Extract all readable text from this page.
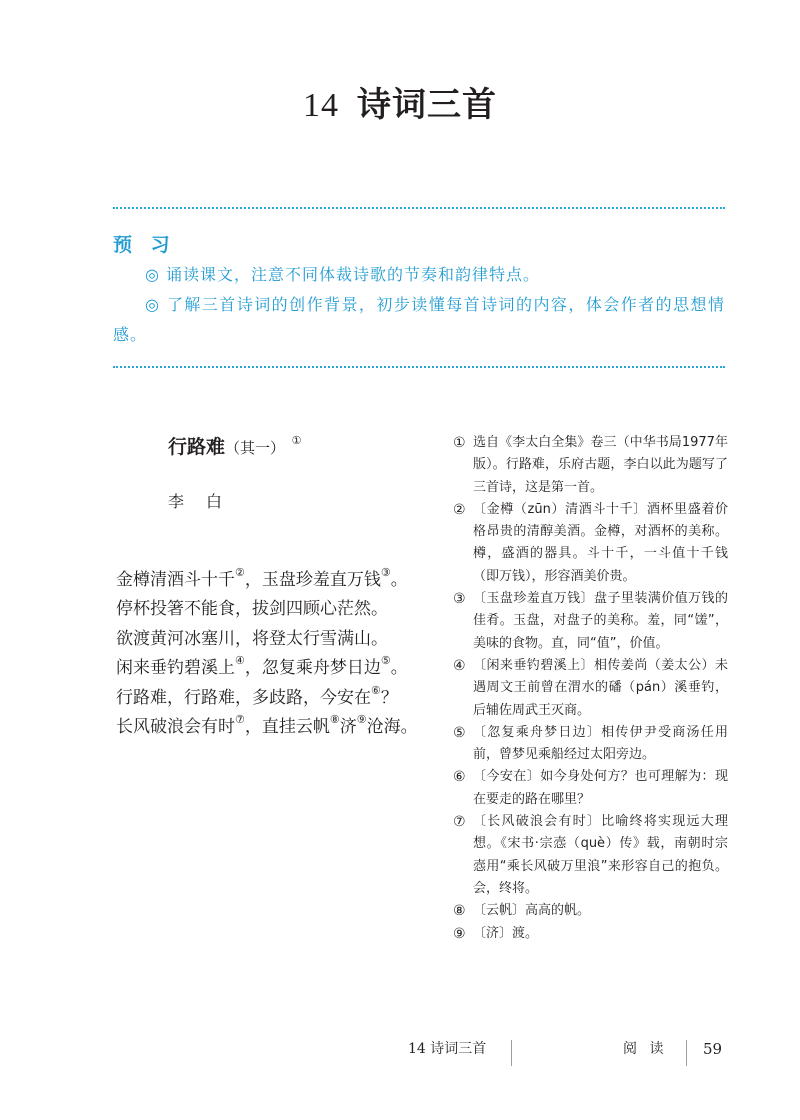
14 诗词三首
预 习

◎ 诵读课文，注意不同体裁诗歌的节奏和韵律特点。

◎ 了解三首诗词的创作背景，初步读懂每首诗词的内容，体会作者的思想情感。

行路难（其一） ①
李白
金樽清酒斗十千②，玉盘珍羞直万钱③。
停杯投箸不能食，拔剑四顾心茫然。
欲渡黄河冰塞川，将登太行雪满山。
闲来垂钓碧溪上④，忽复乘舟梦日边⑤。
行路难，行路难，多歧路，今安在⑥？
长风破浪会有时⑦，直挂云帆⑧济⑨沧海。
① 选自《李太白全集》卷三（中华书局1977年版）。行路难，乐府古题，李白以此为题写了三首诗，这是第一首。
② 〔金樽（zūn）清酒斗十千〕酒杯里盛着价格昂贵的清醇美酒。金樽，对酒杯的美称。樽，盛酒的器具。斗十千，一斗值十千钱（即万钱），形容酒美价贵。
③ 〔玉盘珍羞直万钱〕盘子里装满价值万钱的佳肴。玉盘，对盘子的美称。羞，同“馐”，美味的食物。直，同“值”，价值。
④ 〔闲来垂钓碧溪上〕相传姜尚（姜太公）未遇周文王前曾在渭水的磻（pán）溪垂钓，后辅佐周武王灭商。
⑤ 〔忽复乘舟梦日边〕相传伊尹受商汤任用前，曾梦见乘船经过太阳旁边。
⑥ 〔今安在〕如今身处何方？也可理解为：现在要走的路在哪里？
⑦ 〔长风破浪会有时〕比喻终将实现远大理想。《宋书·宗悫（què）传》载，南朝时宗悫用“乘长风破万里浪”来形容自己的抱负。会，终将。
⑧ 〔云帆〕高高的帆。
⑨ 〔济〕渡。
14 诗词三首	阅 读 59
